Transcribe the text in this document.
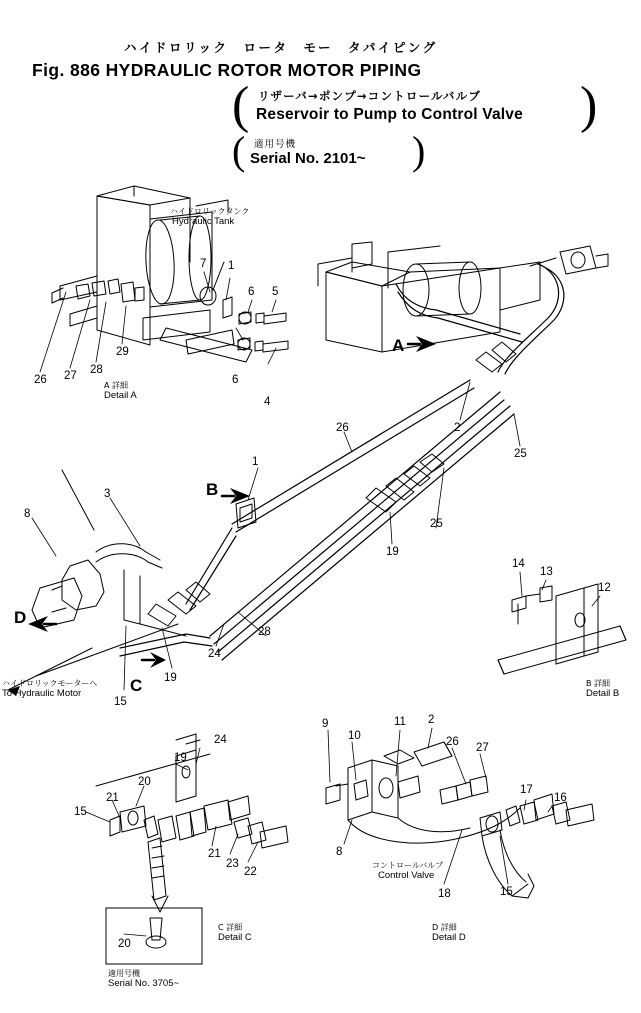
ハイドロリック　ロータ　モー　タパイピング
Fig. 886 HYDRAULIC ROTOR MOTOR PIPING
(	)
リザーバ→ポンプ→コントロールバルブ
Reservoir to Pump to Control Valve
(	)
適用号機
Serial No. 2101~
ハイドロリックタンク
Hydraulic Tank
ハイドロリックモーターへ
To Hydraulic Motor
コントロールバルブ
Control Valve
A 詳細
Detail A
B 詳細
Detail B
C 詳細
Detail C
D 詳細
Detail D
適用号機
Serial No. 3705~
20
A
B
C
D
7 1
6 5
6
4
26 27 28
29
26
25
25
2
19
1
3
8
28
24
19
15
14
13
12
24
19
20
21
15
21
23
22
9
10
11 2
26 27
8
18	15
17
16
